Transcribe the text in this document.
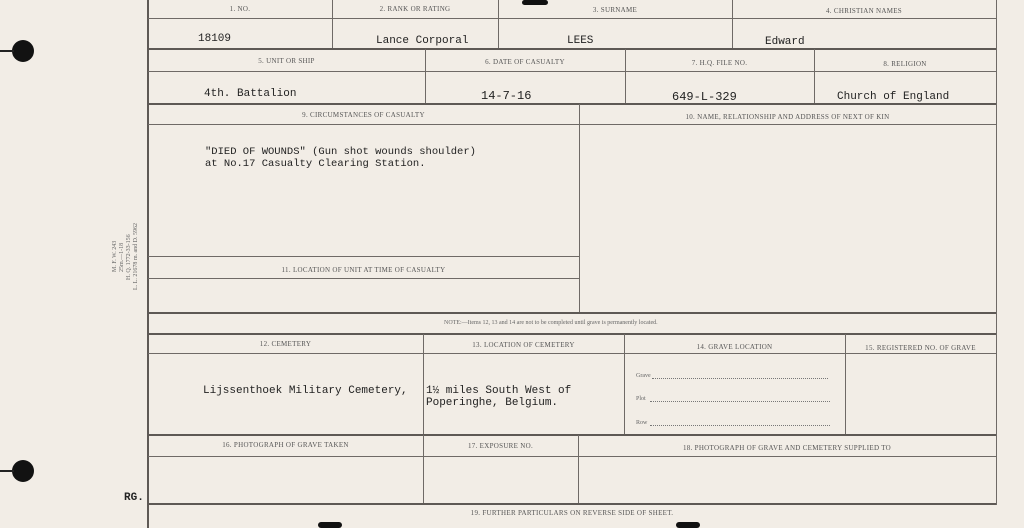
M. F. W. 243 25m.—1-18 H. Q. 1772-33-156 L. L. 21678 m. and D. 5962
RG.
1. NO.	2. RANK OR RATING	3. SURNAME	4. CHRISTIAN NAMES
18109	Lance Corporal	LEES	Edward
5. UNIT OR SHIP	6. DATE OF CASUALTY	7. H.Q. FILE NO.	8. RELIGION
4th. Battalion	14-7-16	649-L-329	Church of England
9. CIRCUMSTANCES OF CASUALTY	10. NAME, RELATIONSHIP AND ADDRESS OF NEXT OF KIN
"DIED OF WOUNDS" (Gun shot wounds shoulder)
at No.17 Casualty Clearing Station.
11. LOCATION OF UNIT AT TIME OF CASUALTY
NOTE:—Items 12, 13 and 14 are not to be completed until grave is permanently located.
12. CEMETERY	13. LOCATION OF CEMETERY	14. GRAVE LOCATION	15. REGISTERED NO. OF GRAVE
Lijssenthoek Military Cemetery, 1½ miles South West of
Poperinghe, Belgium.
Grave
Plot
Row
16. PHOTOGRAPH OF GRAVE TAKEN	17. EXPOSURE NO.	18. PHOTOGRAPH OF GRAVE AND CEMETERY SUPPLIED TO
19. FURTHER PARTICULARS ON REVERSE SIDE OF SHEET.
